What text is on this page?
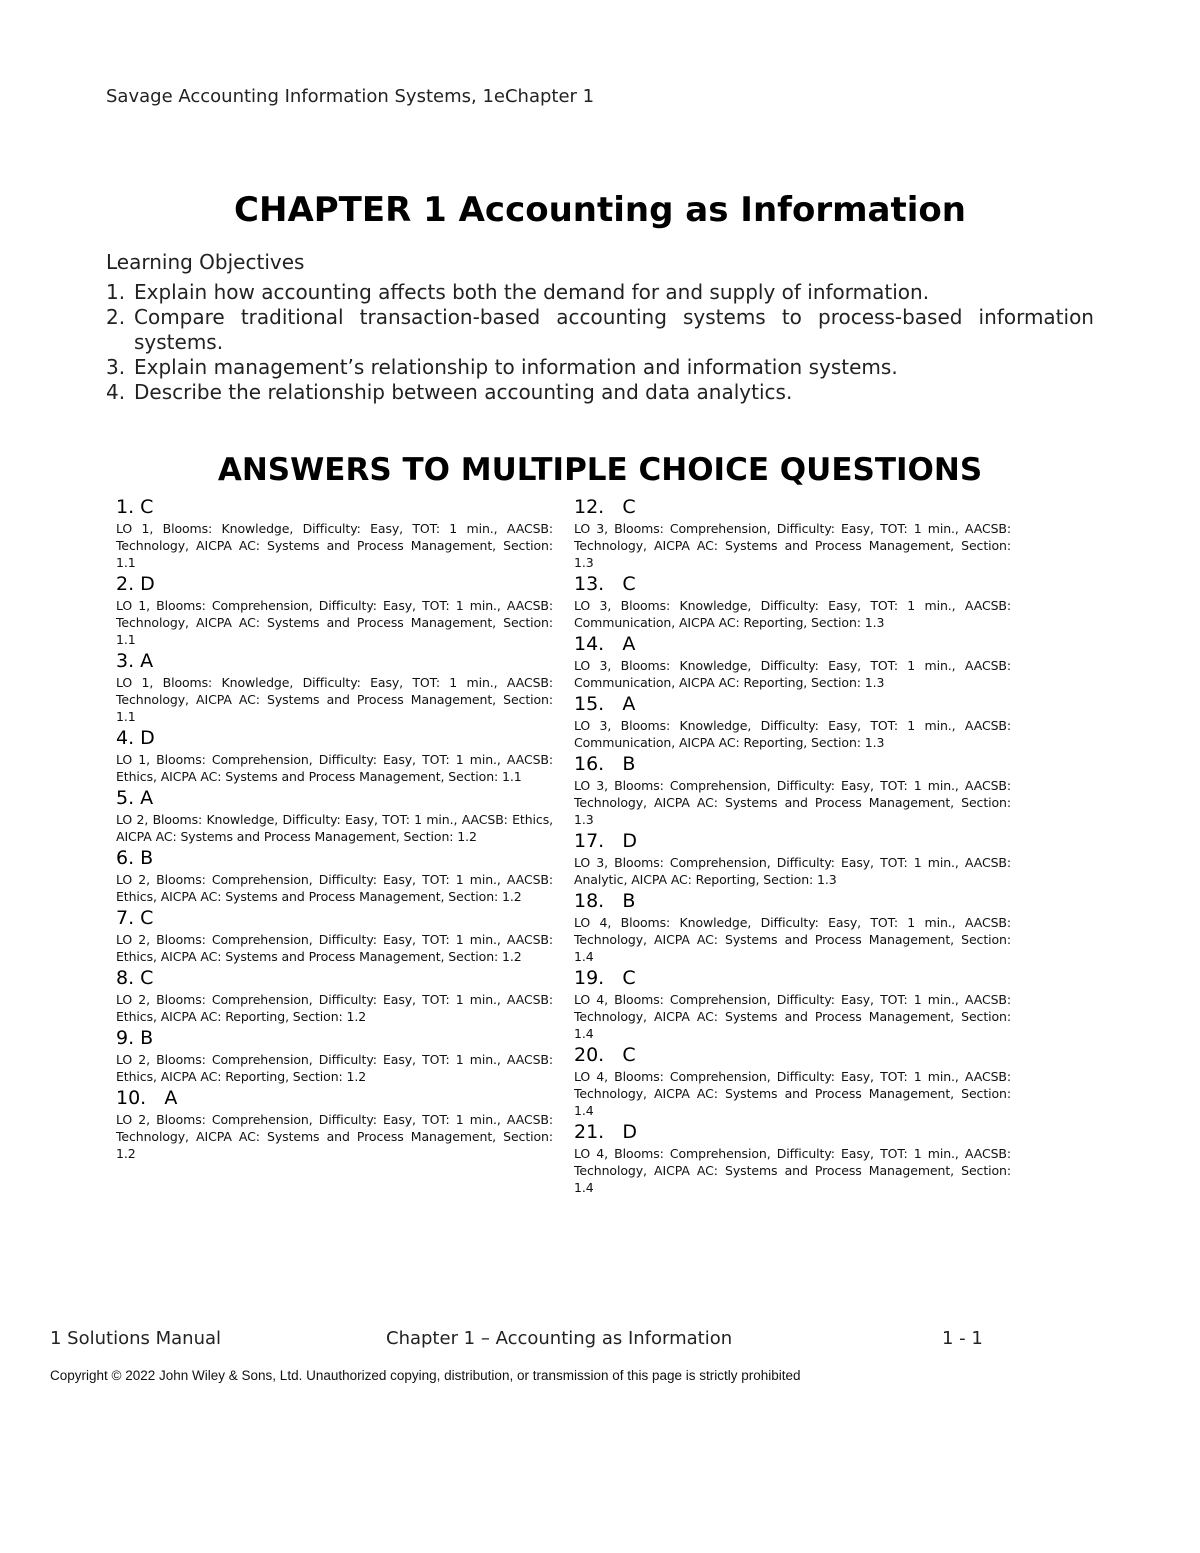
Savage Accounting Information Systems, 1eChapter 1
CHAPTER 1 Accounting as Information
Learning Objectives
1. Explain how accounting affects both the demand for and supply of information.
2. Compare traditional transaction-based accounting systems to process-based information systems.
3. Explain management’s relationship to information and information systems.
4. Describe the relationship between accounting and data analytics.
ANSWERS TO MULTIPLE CHOICE QUESTIONS
1. C
LO 1, Blooms: Knowledge, Difficulty: Easy, TOT: 1 min., AACSB: Technology, AICPA AC: Systems and Process Management, Section: 1.1
2. D
LO 1, Blooms: Comprehension, Difficulty: Easy, TOT: 1 min., AACSB: Technology, AICPA AC: Systems and Process Management, Section: 1.1
3. A
LO 1, Blooms: Knowledge, Difficulty: Easy, TOT: 1 min., AACSB: Technology, AICPA AC: Systems and Process Management, Section: 1.1
4. D
LO 1, Blooms: Comprehension, Difficulty: Easy, TOT: 1 min., AACSB: Ethics, AICPA AC: Systems and Process Management, Section: 1.1
5. A
LO 2, Blooms: Knowledge, Difficulty: Easy, TOT: 1 min., AACSB: Ethics, AICPA AC: Systems and Process Management, Section: 1.2
6. B
LO 2, Blooms: Comprehension, Difficulty: Easy, TOT: 1 min., AACSB: Ethics, AICPA AC: Systems and Process Management, Section: 1.2
7. C
LO 2, Blooms: Comprehension, Difficulty: Easy, TOT: 1 min., AACSB: Ethics, AICPA AC: Systems and Process Management, Section: 1.2
8. C
LO 2, Blooms: Comprehension, Difficulty: Easy, TOT: 1 min., AACSB: Ethics, AICPA AC: Reporting, Section: 1.2
9. B
LO 2, Blooms: Comprehension, Difficulty: Easy, TOT: 1 min., AACSB: Ethics, AICPA AC: Reporting, Section: 1.2
10.   A
LO 2, Blooms: Comprehension, Difficulty: Easy, TOT: 1 min., AACSB: Technology, AICPA AC: Systems and Process Management, Section: 1.2
12.   C
LO 3, Blooms: Comprehension, Difficulty: Easy, TOT: 1 min., AACSB: Technology, AICPA AC: Systems and Process Management, Section: 1.3
13.   C
LO 3, Blooms: Knowledge, Difficulty: Easy, TOT: 1 min., AACSB: Communication, AICPA AC: Reporting, Section: 1.3
14.   A
LO 3, Blooms: Knowledge, Difficulty: Easy, TOT: 1 min., AACSB: Communication, AICPA AC: Reporting, Section: 1.3
15.   A
LO 3, Blooms: Knowledge, Difficulty: Easy, TOT: 1 min., AACSB: Communication, AICPA AC: Reporting, Section: 1.3
16.   B
LO 3, Blooms: Comprehension, Difficulty: Easy, TOT: 1 min., AACSB: Technology, AICPA AC: Systems and Process Management, Section: 1.3
17.   D
LO 3, Blooms: Comprehension, Difficulty: Easy, TOT: 1 min., AACSB: Analytic, AICPA AC: Reporting, Section: 1.3
18.   B
LO 4, Blooms: Knowledge, Difficulty: Easy, TOT: 1 min., AACSB: Technology, AICPA AC: Systems and Process Management, Section: 1.4
19.   C
LO 4, Blooms: Comprehension, Difficulty: Easy, TOT: 1 min., AACSB: Technology, AICPA AC: Systems and Process Management, Section: 1.4
20.   C
LO 4, Blooms: Comprehension, Difficulty: Easy, TOT: 1 min., AACSB: Technology, AICPA AC: Systems and Process Management, Section: 1.4
21.   D
LO 4, Blooms: Comprehension, Difficulty: Easy, TOT: 1 min., AACSB: Technology, AICPA AC: Systems and Process Management, Section: 1.4
1 Solutions Manual	Chapter 1 – Accounting as Information	1 - 1
Copyright © 2022 John Wiley & Sons, Ltd. Unauthorized copying, distribution, or transmission of this page is strictly prohibited
